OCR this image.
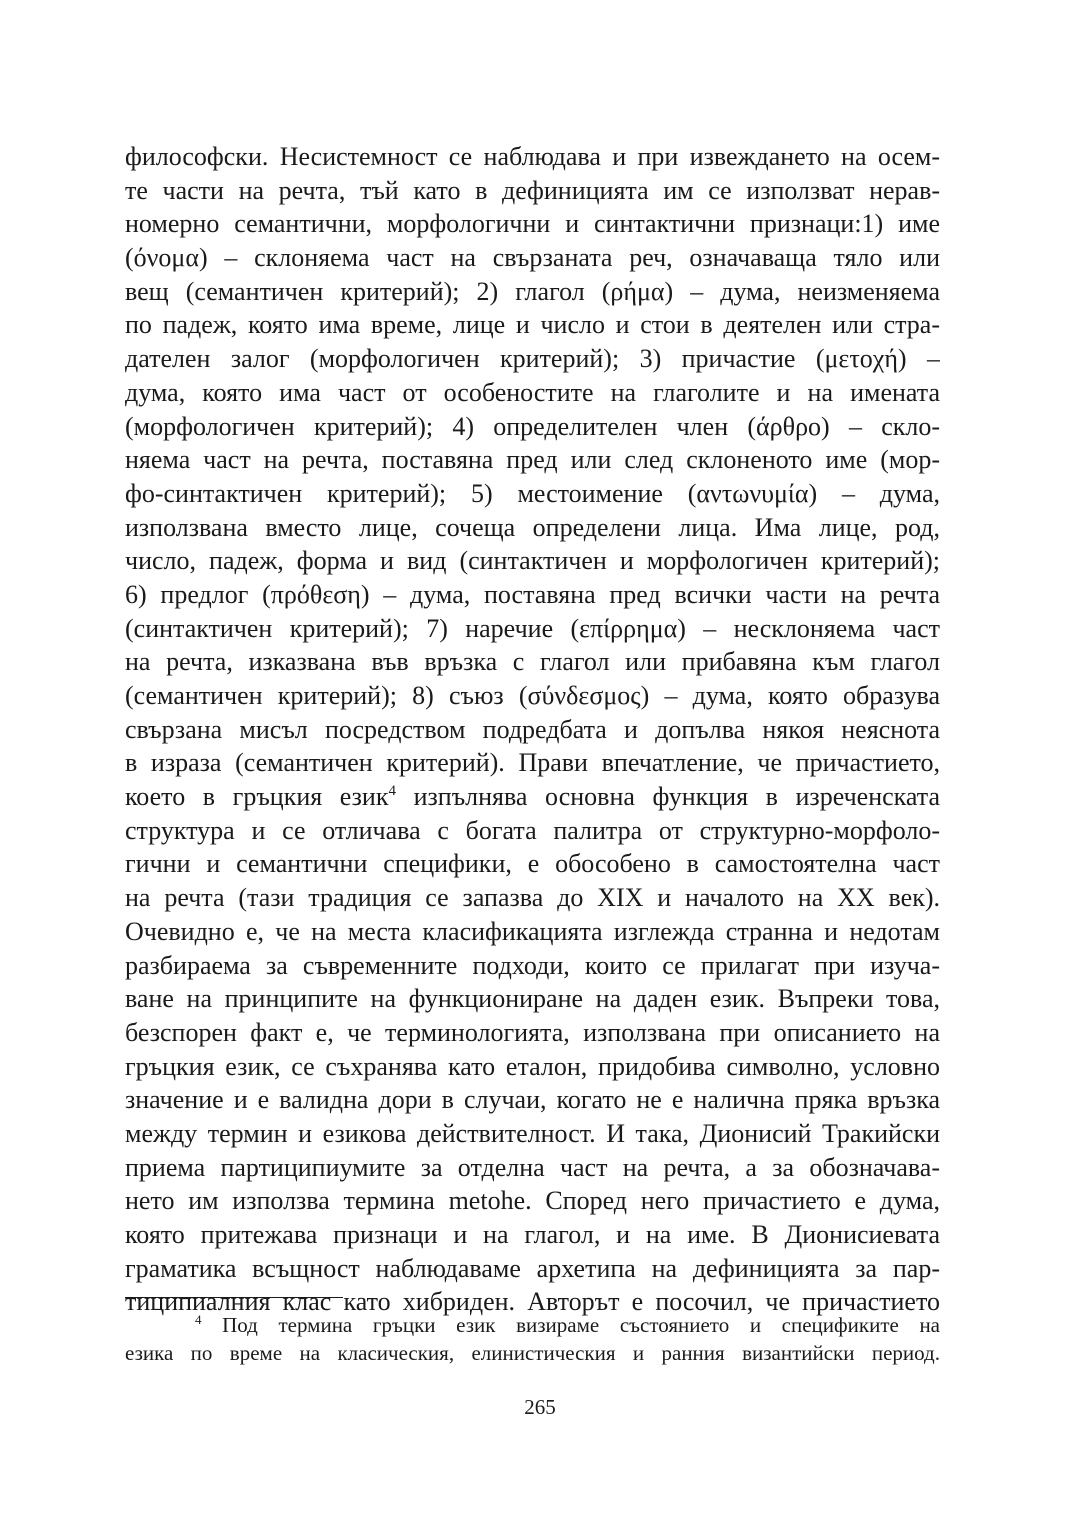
философски. Несистемност се наблюдава и при извеждането на осем-
те части на речта, тъй като в дефиницията им се използват нерав-
номерно семантични, морфологични и синтактични признаци:1) име
(όνομα) – склоняема част на свързаната реч, означаваща тяло или
вещ (семантичен критерий); 2) глагол (ρήμα) – дума, неизменяема
по падеж, която има време, лице и число и стои в деятелен или стра-
дателен залог (морфологичен критерий); 3) причастие (μετοχή) –
дума, която има част от особеностите на глаголите и на имената
(морфологичен критерий); 4) определителен член (άρθρο) – скло-
няема част на речта, поставяна пред или след склоненото име (мор-
фо-синтактичен критерий); 5) местоимение (αντωνυμία) – дума,
използвана вместо лице, сочеща определени лица. Има лице, род,
число, падеж, форма и вид (синтактичен и морфологичен критерий);
6) предлог (πρόθεση) – дума, поставяна пред всички части на речта
(синтактичен критерий); 7) наречие (επίρρημα) – несклоняема част
на речта, изказвана във връзка с глагол или прибавяна към глагол
(семантичен критерий); 8) съюз (σύνδεσμος) – дума, която образува
свързана мисъл посредством подредбата и допълва някоя неяснота
в израза (семантичен критерий). Прави впечатление, че причастието,
което в гръцкия език$^4$ изпълнява основна функция в изреченската
структура и се отличава с богата палитра от структурно-морфоло-
гични и семантични специфики, е обособено в самостоятелна част
на речта (тази традиция се запазва до XIX и началото на XX век).
Очевидно е, че на места класификацията изглежда странна и недотам
разбираема за съвременните подходи, които се прилагат при изуча-
ване на принципите на функциониране на даден език. Въпреки това,
безспорен факт е, че терминологията, използвана при описанието на
гръцкия език, се съхранява като еталон, придобива символно, условно
значение и е валидна дори в случаи, когато не е налична пряка връзка
между термин и езикова действителност. И така, Дионисий Тракийски
приема партиципиумите за отделна част на речта, а за обозначава-
нето им използва термина metohe. Според него причастието е дума,
която притежава признаци и на глагол, и на име. В Дионисиевата
граматика всъщност наблюдаваме архетипа на дефиницията за пар-
тиципиалния клас като хибриден. Авторът е посочил, че причастието
$^4$ Под термина гръцки език визираме състоянието и спецификите на
езика по време на класическия, елинистическия и ранния византийски период.
265
